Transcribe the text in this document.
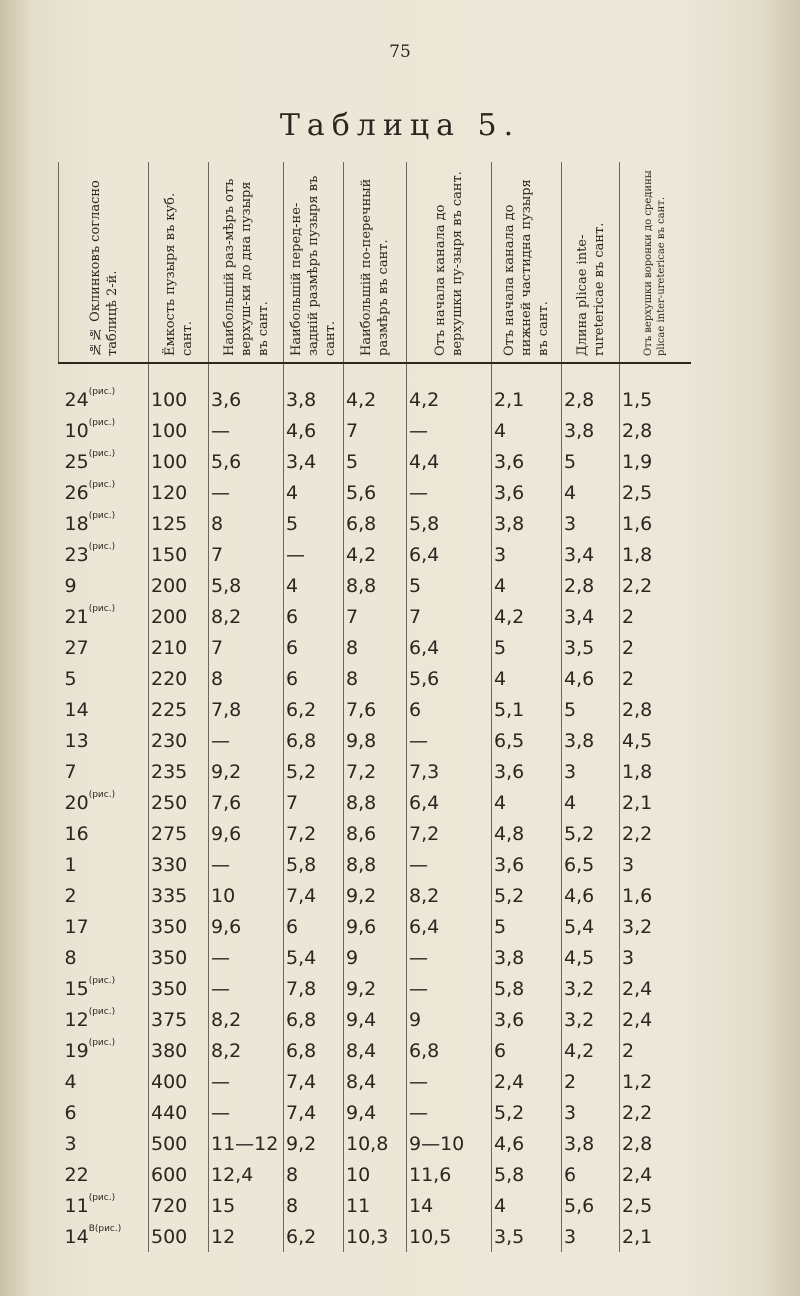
75
Таблица 5.
№№ Оклинковъ согласно таблицѣ 2-й.	Ёмкость пузыря въ куб. сант.	Наибольшій раз-мѣръ отъ верхуш-ки до дна пузыря въ сант.	Наибольшій перед-не-задній размѣръ пузыря въ сант.	Наибольшій по-перечный размѣръ въ сант.	Отъ начала канала до верхушки пу-зыря въ сант.	Отъ начала канала до нижней частидна пузыря въ сант.	Длина plicae inte-ruretericae въ сант.	Отъ верхушки воронки до средины plicae inter-uretericae въ сант.

$24^{(рис.)}$	100	3,6	3,8	4,2	4,2	2,1	2,8	1,5
$10^{(рис.)}$	100	—	4,6	7	—	4	3,8	2,8
$25^{(рис.)}$	100	5,6	3,4	5	4,4	3,6	5	1,9
$26^{(рис.)}$	120	—	4	5,6	—	3,6	4	2,5
$18^{(рис.)}$	125	8	5	6,8	5,8	3,8	3	1,6
$23^{(рис.)}$	150	7	—	4,2	6,4	3	3,4	1,8
9	200	5,8	4	8,8	5	4	2,8	2,2
$21^{(рис.)}$	200	8,2	6	7	7	4,2	3,4	2
27	210	7	6	8	6,4	5	3,5	2
5	220	8	6	8	5,6	4	4,6	2
14	225	7,8	6,2	7,6	6	5,1	5	2,8
13	230	—	6,8	9,8	—	6,5	3,8	4,5
7	235	9,2	5,2	7,2	7,3	3,6	3	1,8
$20^{(рис.)}$	250	7,6	7	8,8	6,4	4	4	2,1
16	275	9,6	7,2	8,6	7,2	4,8	5,2	2,2
1	330	—	5,8	8,8	—	3,6	6,5	3
2	335	10	7,4	9,2	8,2	5,2	4,6	1,6
17	350	9,6	6	9,6	6,4	5	5,4	3,2
8	350	—	5,4	9	—	3,8	4,5	3
$15^{(рис.)}$	350	—	7,8	9,2	—	5,8	3,2	2,4
$12^{(рис.)}$	375	8,2	6,8	9,4	9	3,6	3,2	2,4
$19^{(рис.)}$	380	8,2	6,8	8,4	6,8	6	4,2	2
4	400	—	7,4	8,4	—	2,4	2	1,2
6	440	—	7,4	9,4	—	5,2	3	2,2
3	500	11—12	9,2	10,8	9—10	4,6	3,8	2,8
22	600	12,4	8	10	11,6	5,8	6	2,4
$11^{(рис.)}$	720	15	8	11	14	4	5,6	2,5
$14^{В(рис.)}$	500	12	6,2	10,3	10,5	3,5	3	2,1
